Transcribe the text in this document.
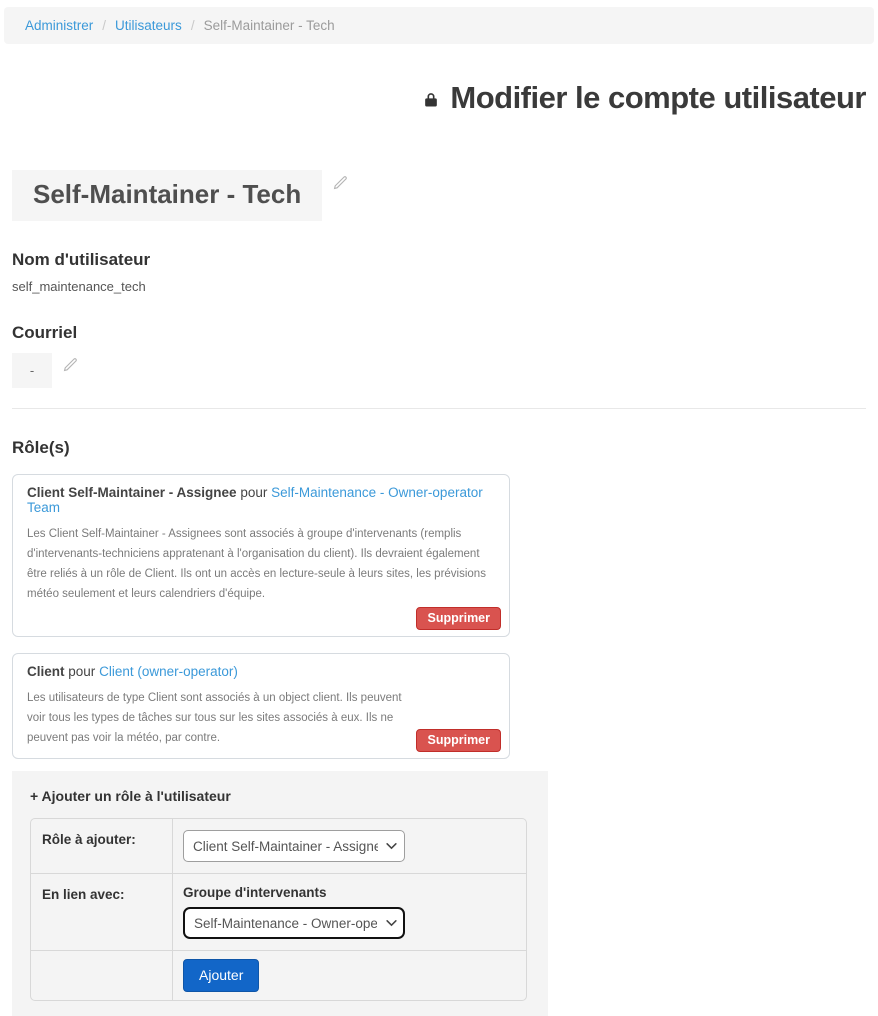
Administrer / Utilisateurs / Self-Maintainer - Tech
Modifier le compte utilisateur
Self-Maintainer - Tech
Nom d'utilisateur
self_maintenance_tech
Courriel
-
Rôle(s)
Client Self-Maintainer - Assignee pour Self-Maintenance - Owner-operator Team
Les Client Self-Maintainer - Assignees sont associés à groupe d'intervenants (remplis d'intervenants-techniciens appratenant à l'organisation du client). Ils devraient également être reliés à un rôle de Client. Ils ont un accès en lecture-seule à leurs sites, les prévisions météo seulement et leurs calendriers d'équipe.
Supprimer
Client pour Client (owner-operator)
Les utilisateurs de type Client sont associés à un object client. Ils peuvent voir tous les types de tâches sur tous sur les sites associés à eux. Ils ne peuvent pas voir la météo, par contre.	Supprimer
+ Ajouter un rôle à l'utilisateur
Rôle à ajouter:
Client Self-Maintainer - Assignee
En lien avec:	Groupe d'intervenants
Self-Maintenance - Owner-operator Team
Ajouter
